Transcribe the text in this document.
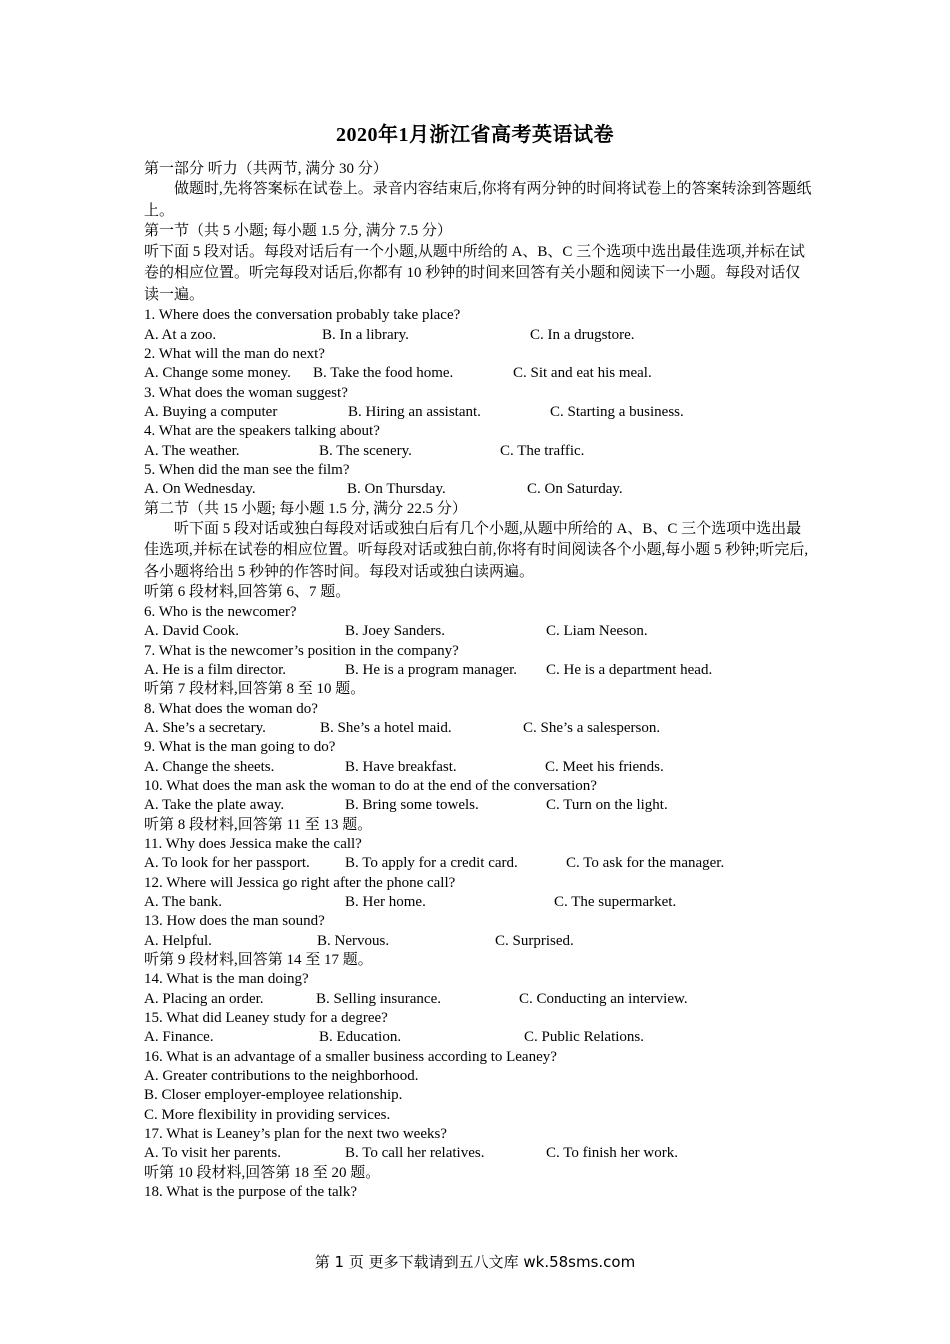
2020年1月浙江省高考英语试卷
第一部分 听力（共两节, 满分 30 分）
做题时,先将答案标在试卷上。录音内容结束后,你将有两分钟的时间将试卷上的答案转涂到答题纸上。
第一节（共 5 小题; 每小题 1.5 分, 满分 7.5 分）
听下面 5 段对话。每段对话后有一个小题,从题中所给的 A、B、C 三个选项中选出最佳选项,并标在试卷的相应位置。听完每段对话后,你都有 10 秒钟的时间来回答有关小题和阅读下一小题。每段对话仅读一遍。
1. Where does the conversation probably take place?
A. At a zoo.	B. In a library.	C. In a drugstore.
2. What will the man do next?
A. Change some money. B. Take the food home.	C. Sit and eat his meal.
3. What does the woman suggest?
A. Buying a computer	B. Hiring an assistant.	C. Starting a business.
4. What are the speakers talking about?
A. The weather.	B. The scenery.	C. The traffic.
5. When did the man see the film?
A. On Wednesday.	B. On Thursday.	C. On Saturday.
第二节（共 15 小题; 每小题 1.5 分, 满分 22.5 分）
听下面 5 段对话或独白每段对话或独白后有几个小题,从题中所给的 A、B、C 三个选项中选出最佳选项,并标在试卷的相应位置。听每段对话或独白前,你将有时间阅读各个小题,每小题 5 秒钟;听完后,各小题将给出 5 秒钟的作答时间。每段对话或独白读两遍。
听第 6 段材料,回答第 6、7 题。
6. Who is the newcomer?
A. David Cook.	B. Joey Sanders.	C. Liam Neeson.
7. What is the newcomer’s position in the company?
A. He is a film director.	B. He is a program manager. C. He is a department head.
听第 7 段材料,回答第 8 至 10 题。
8. What does the woman do?
A. She’s a secretary.	B. She’s a hotel maid.	C. She’s a salesperson.
9. What is the man going to do?
A. Change the sheets.	B. Have breakfast.	C. Meet his friends.
10. What does the man ask the woman to do at the end of the conversation?
A. Take the plate away.	B. Bring some towels.	C. Turn on the light.
听第 8 段材料,回答第 11 至 13 题。
11. Why does Jessica make the call?
A. To look for her passport. B. To apply for a credit card.	C. To ask for the manager.
12. Where will Jessica go right after the phone call?
A. The bank.	B. Her home.	C. The supermarket.
13. How does the man sound?
A. Helpful.	B. Nervous.	C. Surprised.
听第 9 段材料,回答第 14 至 17 题。
14. What is the man doing?
A. Placing an order.	B. Selling insurance.	C. Conducting an interview.
15. What did Leaney study for a degree?
A. Finance.	B. Education.	C. Public Relations.
16. What is an advantage of a smaller business according to Leaney?
A. Greater contributions to the neighborhood.
B. Closer employer-employee relationship.
C. More flexibility in providing services.
17. What is Leaney’s plan for the next two weeks?
A. To visit her parents.	B. To call her relatives.	C. To finish her work.
听第 10 段材料,回答第 18 至 20 题。
18. What is the purpose of the talk?
第 1 页 更多下载请到五八文库 wk.58sms.com
